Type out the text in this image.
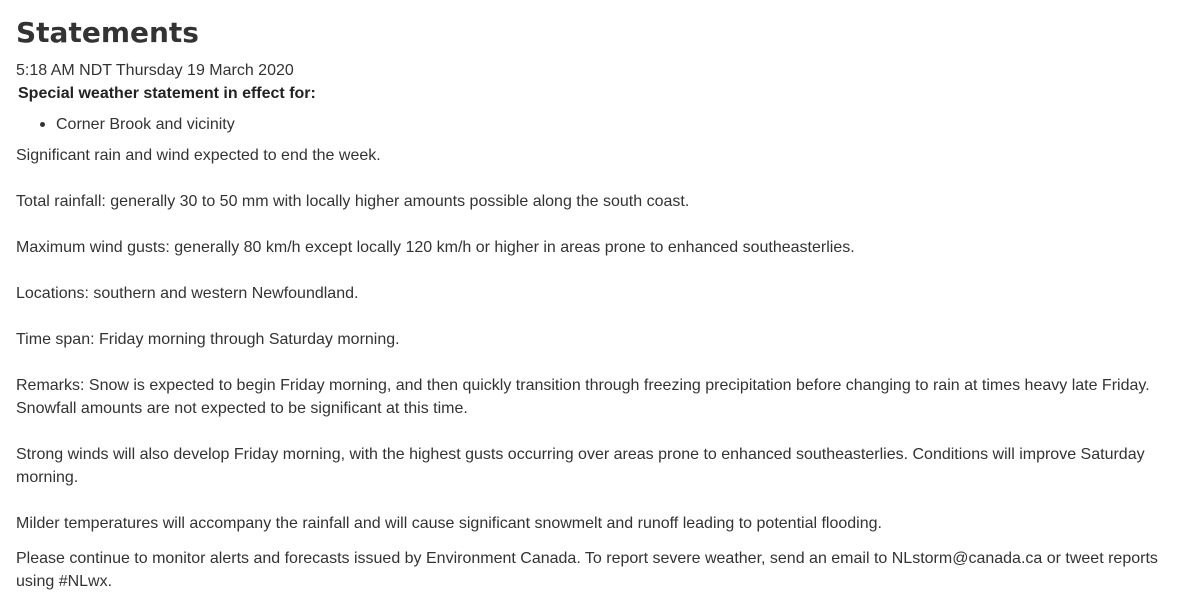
Statements

5:18 AM NDT Thursday 19 March 2020

Special weather statement in effect for:

Corner Brook and vicinity

Significant rain and wind expected to end the week.

Total rainfall: generally 30 to 50 mm with locally higher amounts possible along the south coast.

Maximum wind gusts: generally 80 km/h except locally 120 km/h or higher in areas prone to enhanced southeasterlies.

Locations: southern and western Newfoundland.

Time span: Friday morning through Saturday morning.

Remarks: Snow is expected to begin Friday morning, and then quickly transition through freezing precipitation before changing to rain at times heavy late Friday. Snowfall amounts are not expected to be significant at this time.

Strong winds will also develop Friday morning, with the highest gusts occurring over areas prone to enhanced southeasterlies. Conditions will improve Saturday morning.

Milder temperatures will accompany the rainfall and will cause significant snowmelt and runoff leading to potential flooding.

Please continue to monitor alerts and forecasts issued by Environment Canada. To report severe weather, send an email to NLstorm@canada.ca or tweet reports using #NLwx.
